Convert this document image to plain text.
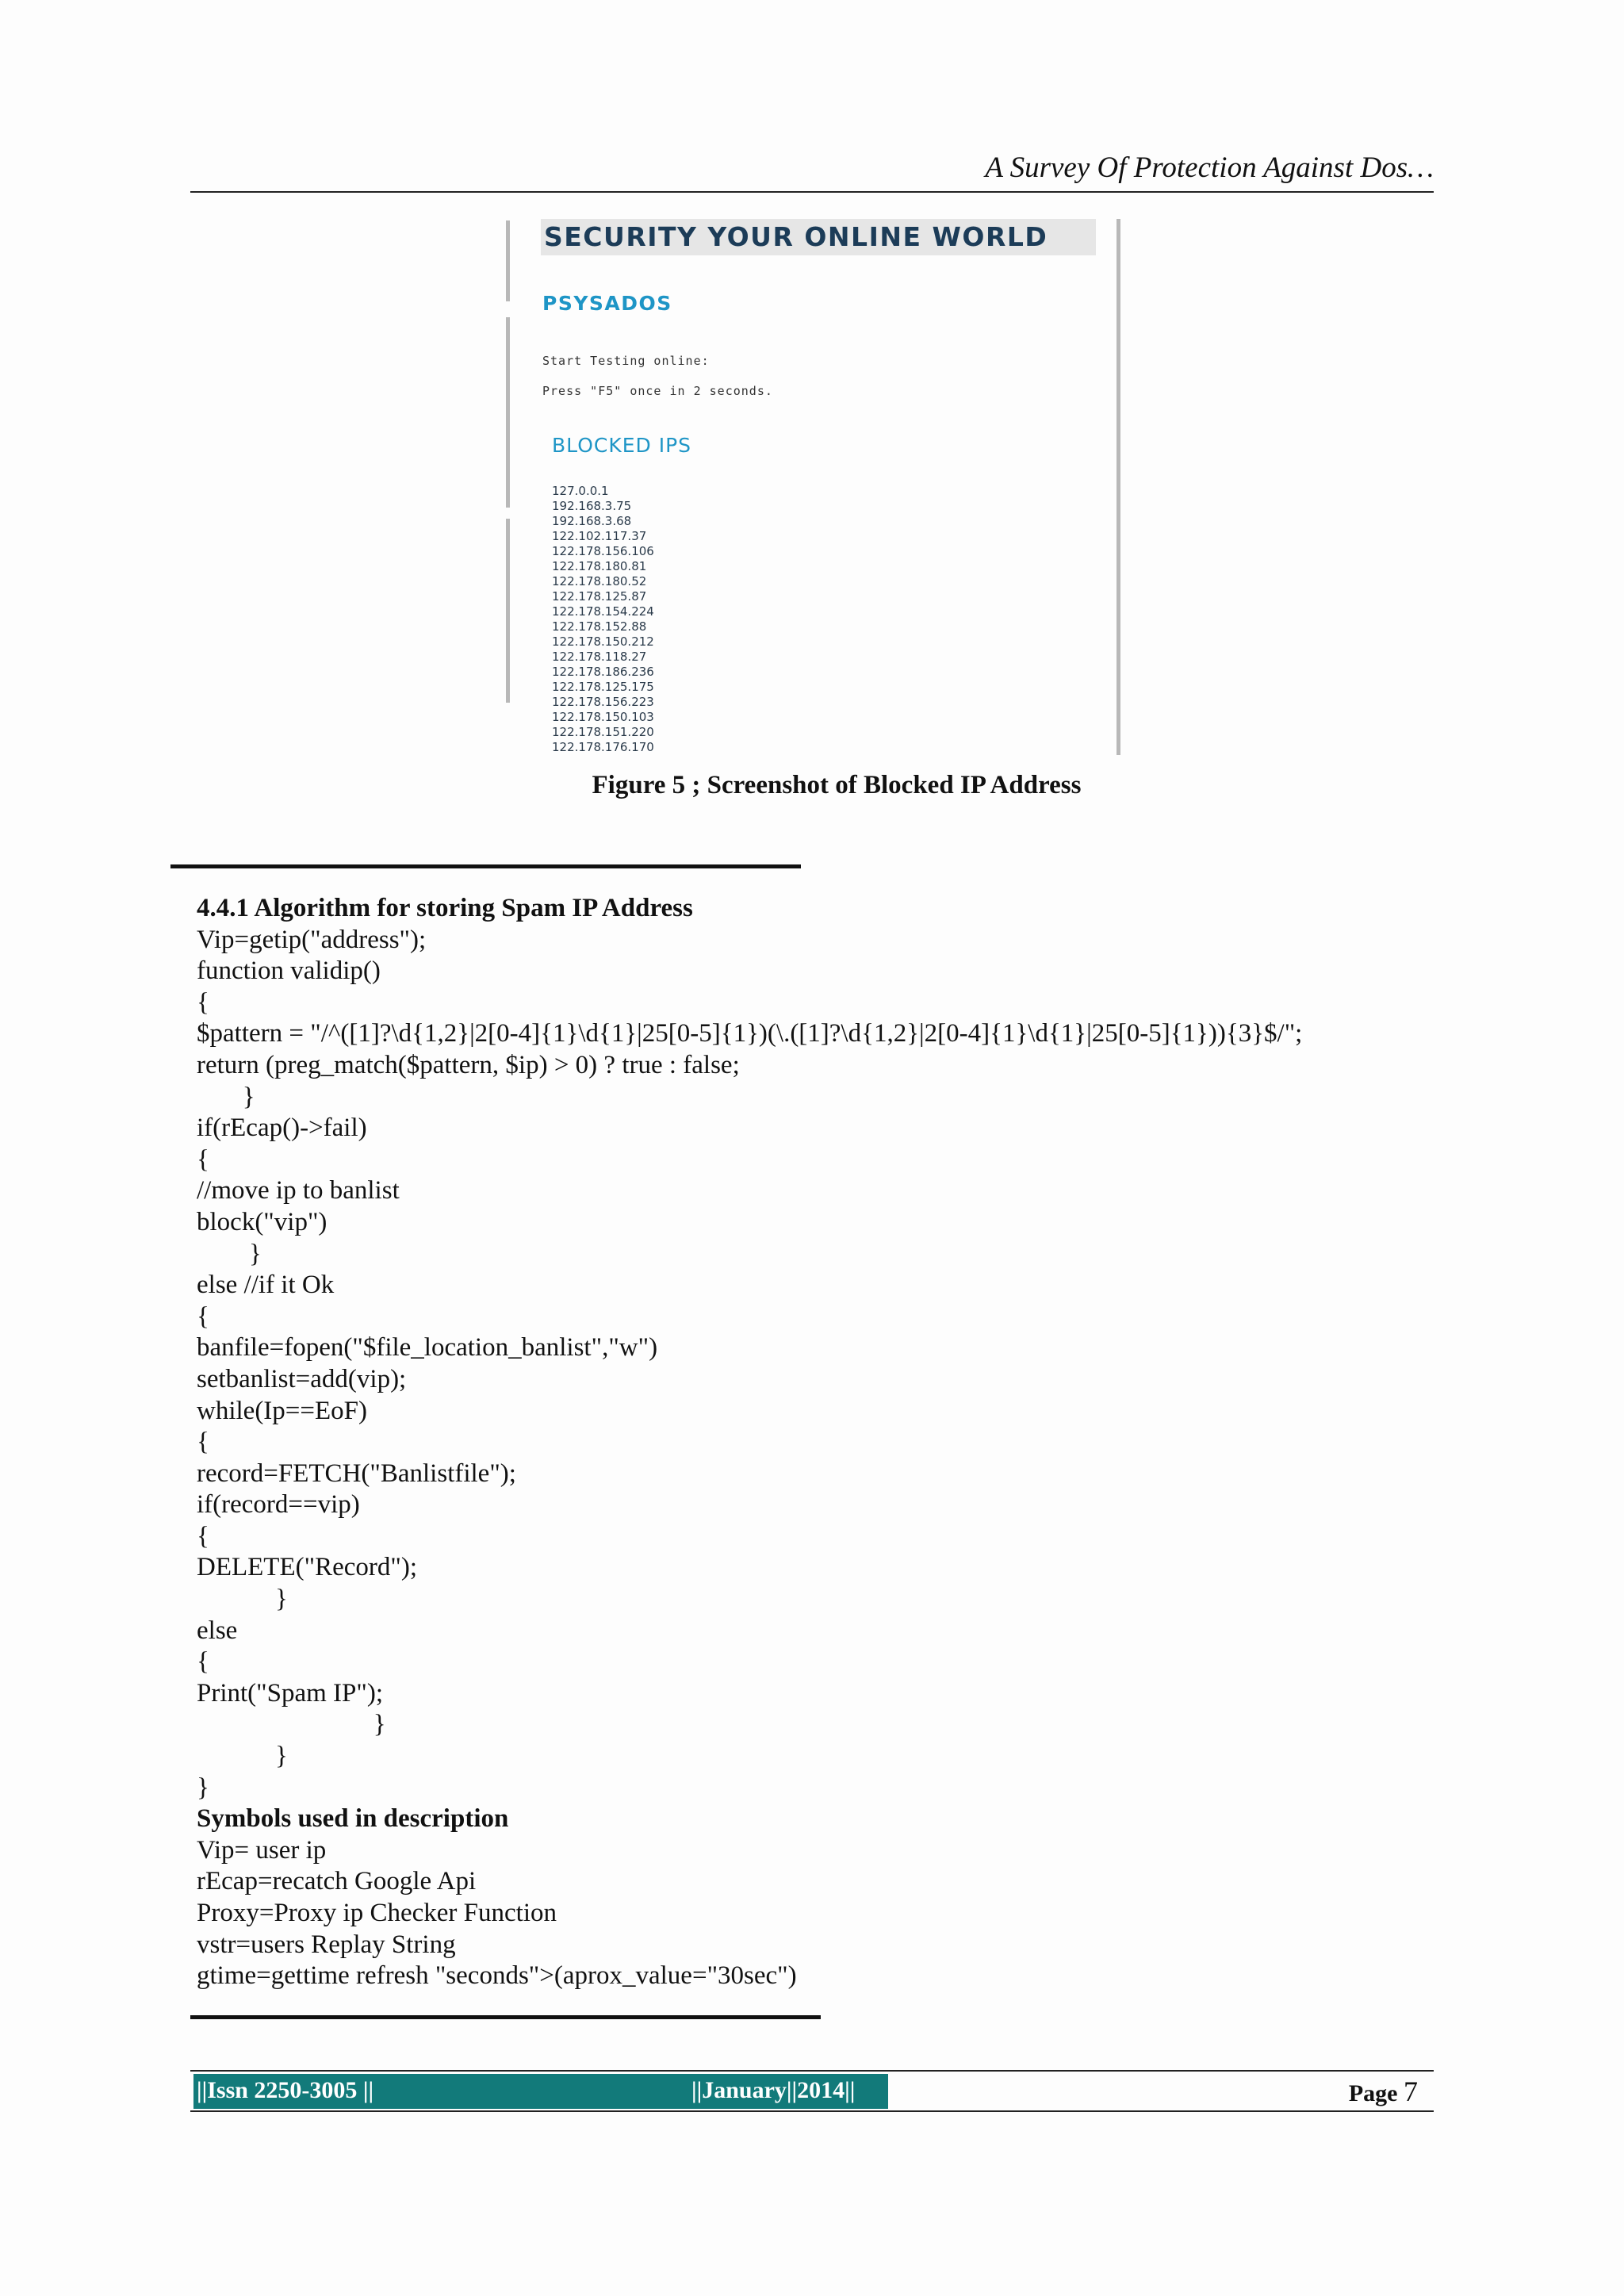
A Survey Of Protection Against Dos…
SECURITY YOUR ONLINE WORLD
PSYSADOS
Start Testing online:
Press "F5" once in 2 seconds.
BLOCKED IPS
127.0.0.1
192.168.3.75
192.168.3.68
122.102.117.37
122.178.156.106
122.178.180.81
122.178.180.52
122.178.125.87
122.178.154.224
122.178.152.88
122.178.150.212
122.178.118.27
122.178.186.236
122.178.125.175
122.178.156.223
122.178.150.103
122.178.151.220
122.178.176.170
Figure 5 ; Screenshot of Blocked IP Address
4.4.1 Algorithm for storing Spam IP Address
Vip=getip("address");
function validip()
{
$pattern = "/^([1]?\d{1,2}|2[0-4]{1}\d{1}|25[0-5]{1})(\.([1]?\d{1,2}|2[0-4]{1}\d{1}|25[0-5]{1})){3}$/";
return (preg_match($pattern, $ip) > 0) ? true : false;
}
if(rEcap()->fail)
{
//move ip to banlist
block("vip")
}
else //if it Ok
{
banfile=fopen("$file_location_banlist","w")
setbanlist=add(vip);
while(Ip==EoF)
{
record=FETCH("Banlistfile");
if(record==vip)
{
DELETE("Record");
}
else
{
Print("Spam IP");
}
}
}
Symbols used in description
Vip= user ip
rEcap=recatch Google Api
Proxy=Proxy ip Checker Function
vstr=users Replay String
gtime=gettime refresh "seconds">(aprox_value="30sec")
||Issn 2250-3005 ||	||January||2014||	Page 7
